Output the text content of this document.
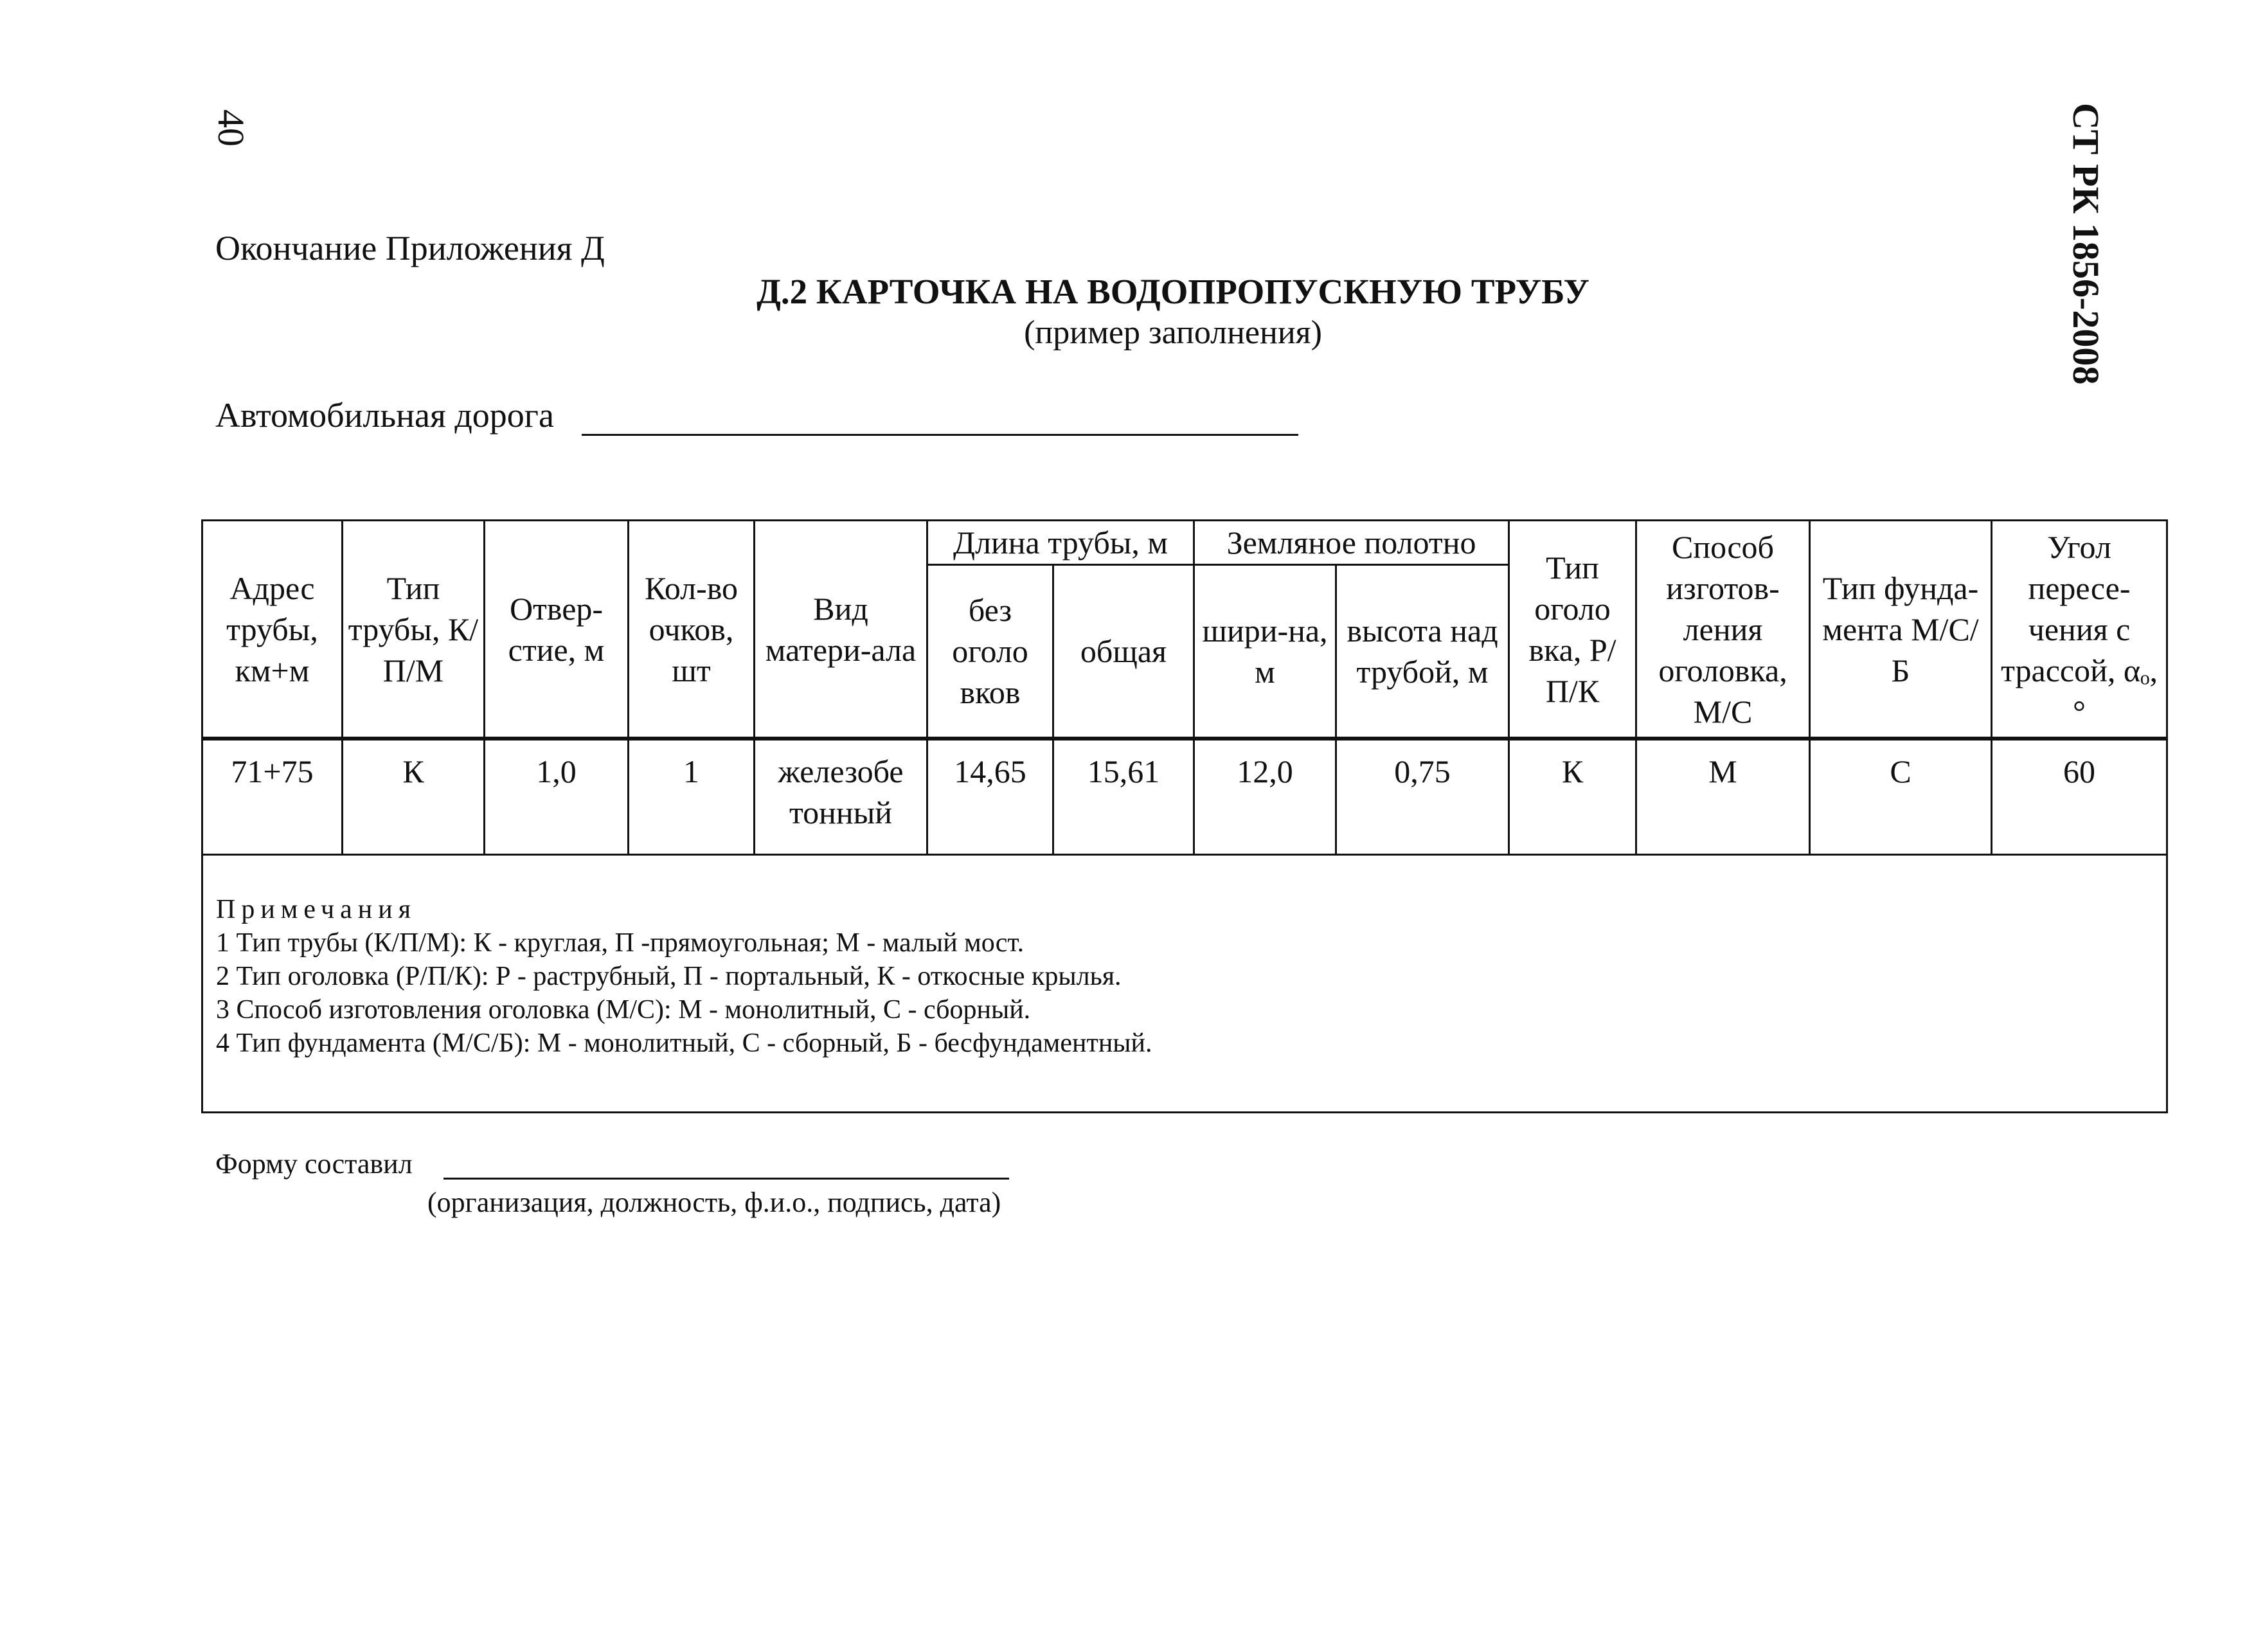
40	СТ РК 1856-2008
Окончание Приложения Д
Д.2 КАРТОЧКА НА ВОДОПРОПУСКНУЮ ТРУБУ
(пример заполнения)
Автомобильная дорога
Адрес трубы, км+м	Тип трубы, К/П/М	Отвер-стие, м	Кол-во очков, шт	Вид матери-ала	Длина трубы, м		Земляное полотно		Тип оголо вка, Р/П/К	Способ изготов-ления оголовка, М/С	Тип фунда-мента М/С/Б	Угол пересе-чения с трассой, αₒ, °
					без оголо вков	общая	шири-на, м	высота над трубой, м				
71+75	К	1,0	1	железобе тонный	14,65	15,61	12,0	0,75	К	М	С	60

Примечания
1 Тип трубы (К/П/М): К - круглая, П -прямоугольная; М - малый мост.
2 Тип оголовка (Р/П/К): Р - раструбный, П - портальный, К - откосные крылья.
3 Способ изготовления оголовка (М/С): М - монолитный, С - сборный.
4 Тип фундамента (М/С/Б): М - монолитный, С - сборный, Б - бесфундаментный.												
Форму составил
(организация, должность, ф.и.о., подпись, дата)
